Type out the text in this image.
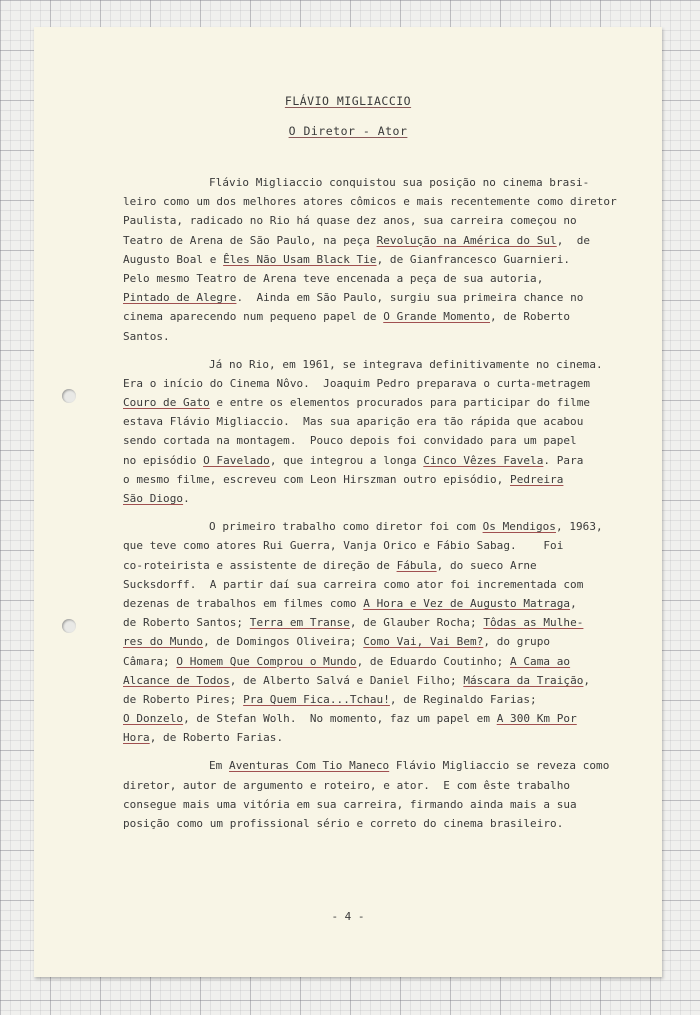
FLÁVIO MIGLIACCIO
O Diretor - Ator
Flávio Migliaccio conquistou sua posição no cinema brasi-
leiro como um dos melhores atores cômicos e mais recentemente como diretor
Paulista, radicado no Rio há quase dez anos, sua carreira começou no
Teatro de Arena de São Paulo, na peça Revolução na América do Sul,  de
Augusto Boal e Êles Não Usam Black Tie, de Gianfrancesco Guarnieri.
Pelo mesmo Teatro de Arena teve encenada a peça de sua autoria,
Pintado de Alegre.  Ainda em São Paulo, surgiu sua primeira chance no
cinema aparecendo num pequeno papel de O Grande Momento, de Roberto
Santos.
Já no Rio, em 1961, se integrava definitivamente no cinema.
Era o início do Cinema Nôvo.  Joaquim Pedro preparava o curta-metragem
Couro de Gato e entre os elementos procurados para participar do filme
estava Flávio Migliaccio.  Mas sua aparição era tão rápida que acabou
sendo cortada na montagem.  Pouco depois foi convidado para um papel
no episódio O Favelado, que integrou a longa Cinco Vêzes Favela. Para
o mesmo filme, escreveu com Leon Hirszman outro episódio, Pedreira
São Diogo.
O primeiro trabalho como diretor foi com Os Mendigos, 1963,
que teve como atores Rui Guerra, Vanja Orico e Fábio Sabag.    Foi
co-roteirista e assistente de direção de Fábula, do sueco Arne
Sucksdorff.  A partir daí sua carreira como ator foi incrementada com
dezenas de trabalhos em filmes como A Hora e Vez de Augusto Matraga,
de Roberto Santos; Terra em Transe, de Glauber Rocha; Tôdas as Mulhe-
res do Mundo, de Domingos Oliveira; Como Vai, Vai Bem?, do grupo
Câmara; O Homem Que Comprou o Mundo, de Eduardo Coutinho; A Cama ao
Alcance de Todos, de Alberto Salvá e Daniel Filho; Máscara da Traição,
de Roberto Pires; Pra Quem Fica...Tchau!, de Reginaldo Farias;
O Donzelo, de Stefan Wolh.  No momento, faz um papel em A 300 Km Por
Hora, de Roberto Farias.
Em Aventuras Com Tio Maneco Flávio Migliaccio se reveza como
diretor, autor de argumento e roteiro, e ator.  E com êste trabalho
consegue mais uma vitória em sua carreira, firmando ainda mais a sua
posição como um profissional sério e correto do cinema brasileiro.
- 4 -
